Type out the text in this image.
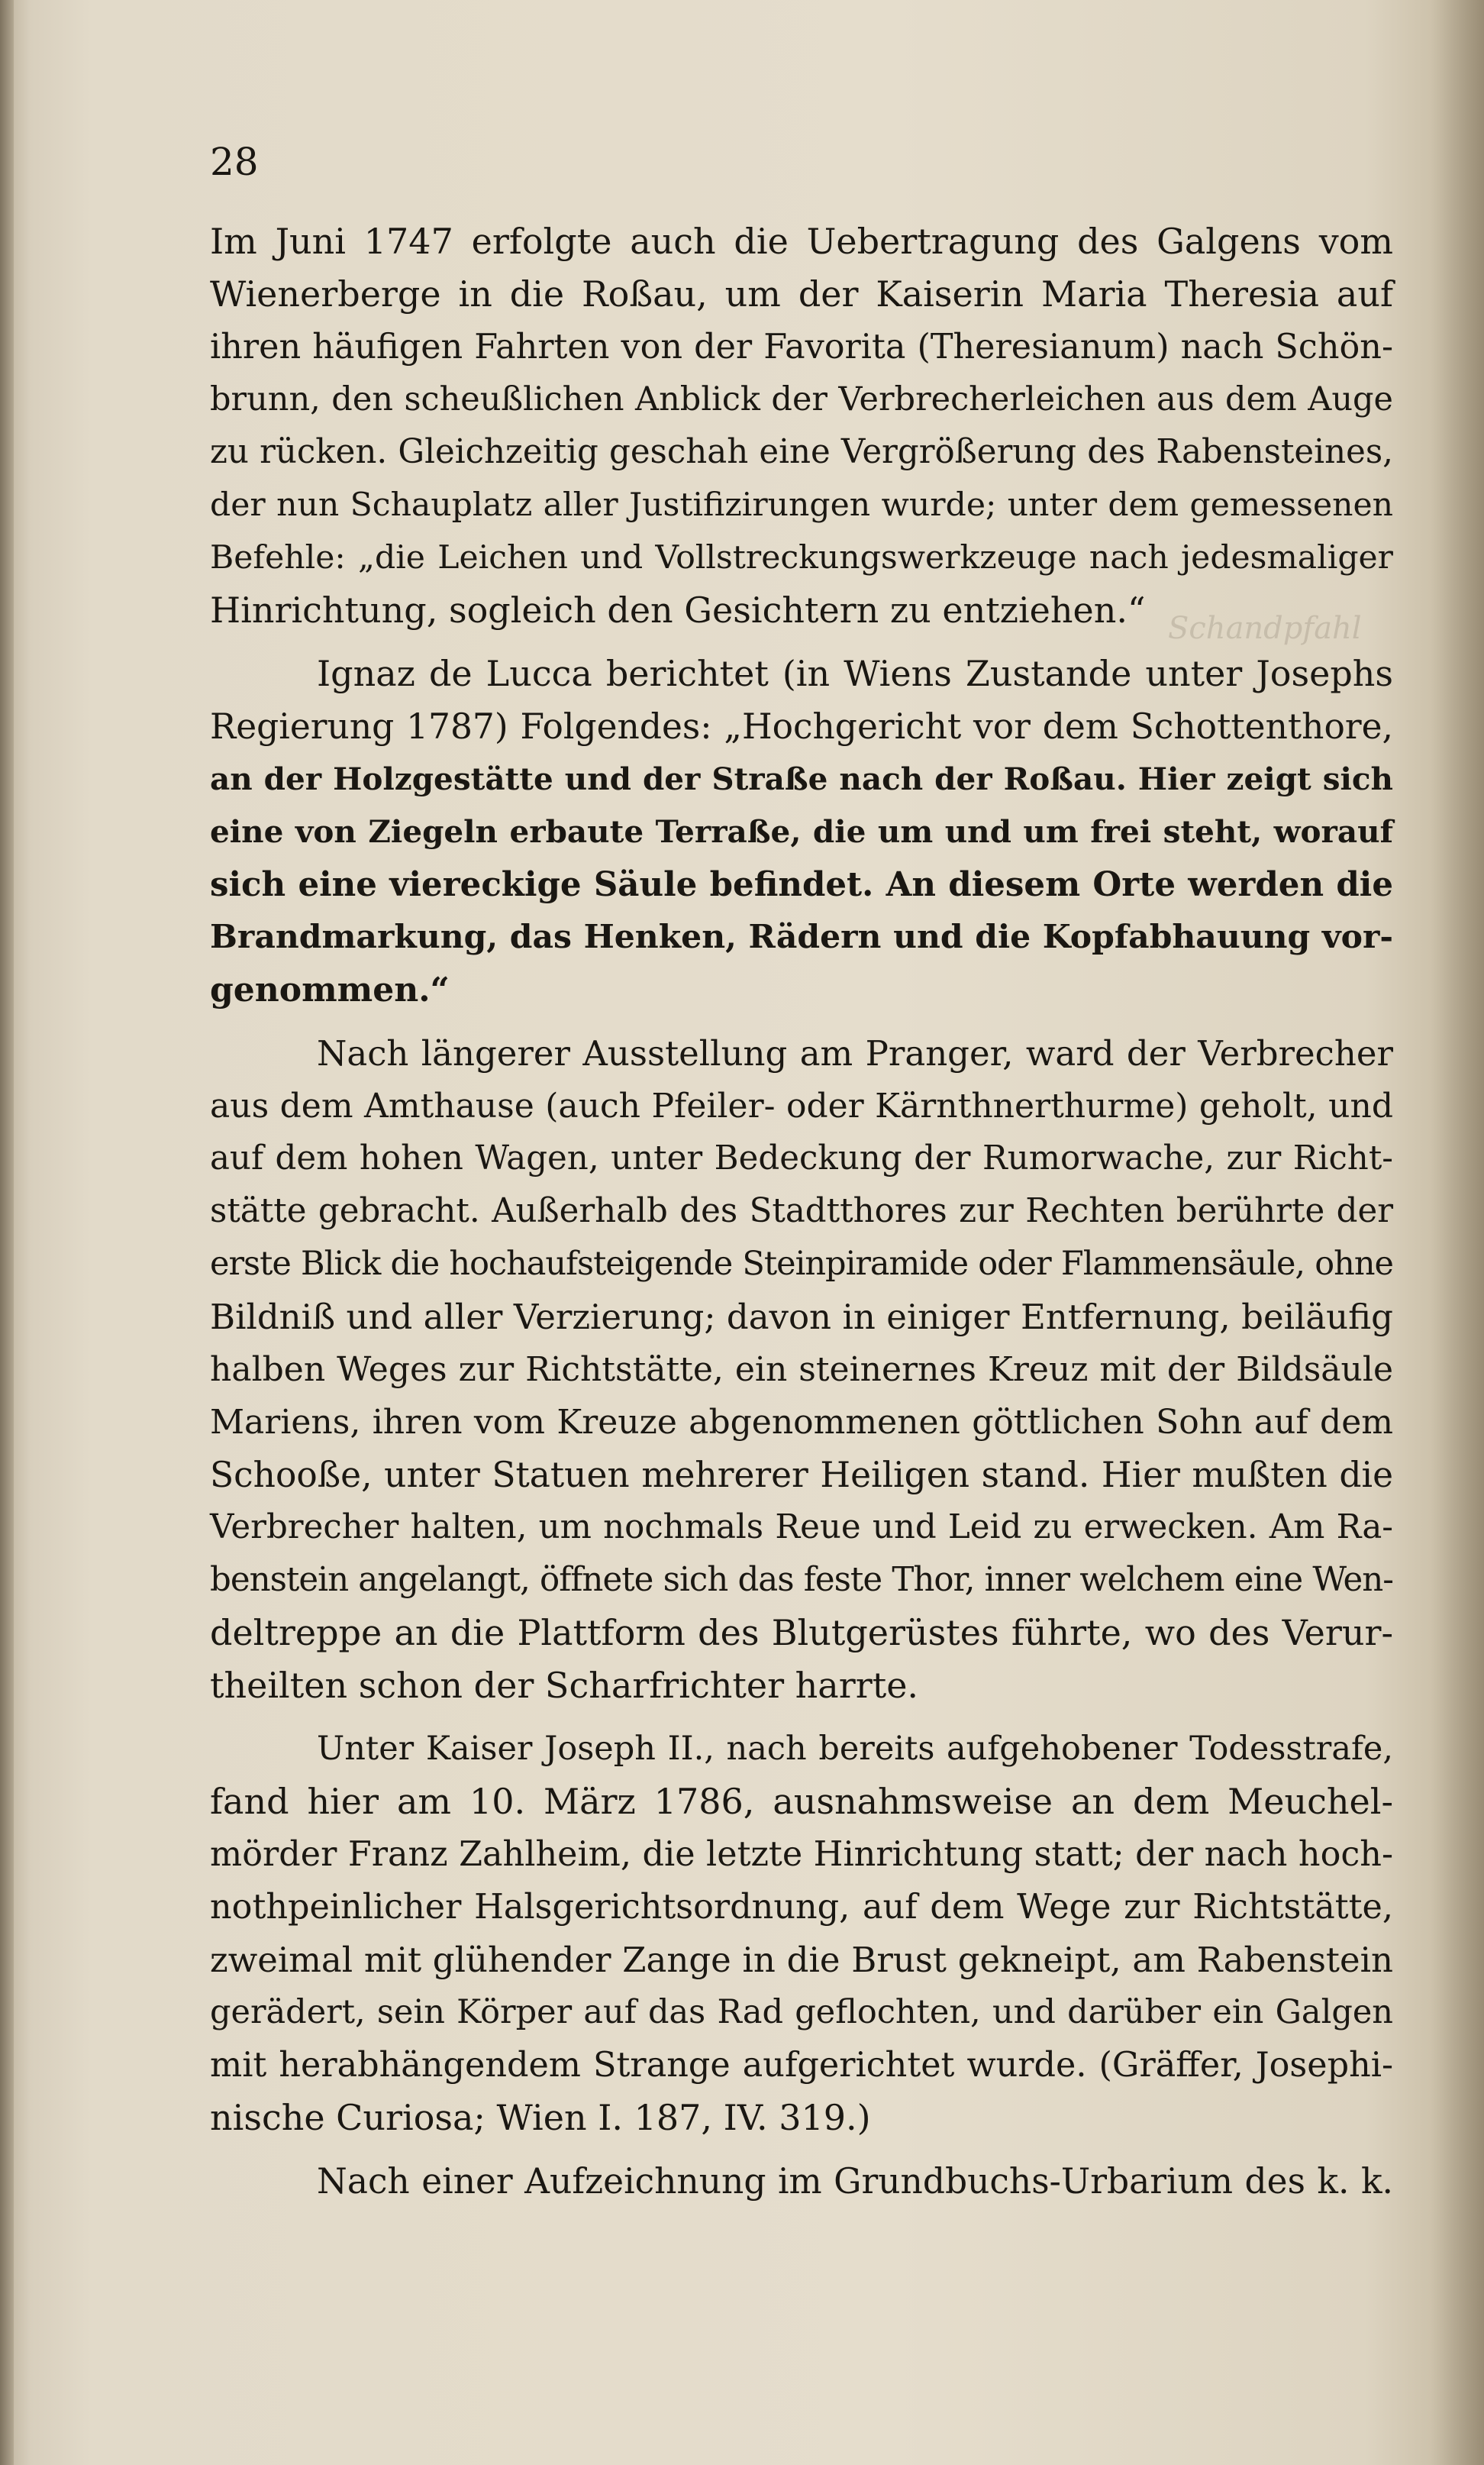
Schandpfahl
28
Im Juni 1747 erfolgte auch die Uebertragung des Galgens vom
Wienerberge in die Roßau, um der Kaiserin Maria Theresia auf
ihren häufigen Fahrten von der Favorita (Theresianum) nach Schön-
brunn, den scheußlichen Anblick der Verbrecherleichen aus dem Auge
zu rücken. Gleichzeitig geschah eine Vergrößerung des Rabensteines,
der nun Schauplatz aller Justifizirungen wurde; unter dem gemessenen
Befehle: „die Leichen und Vollstreckungswerkzeuge nach jedesmaliger
Hinrichtung, sogleich den Gesichtern zu entziehen.“
Ignaz de Lucca berichtet (in Wiens Zustande unter Josephs
Regierung 1787) Folgendes: „Hochgericht vor dem Schottenthore,
an der Holzgestätte und der Straße nach der Roßau. Hier zeigt sich
eine von Ziegeln erbaute Terraße, die um und um frei steht, worauf
sich eine viereckige Säule befindet. An diesem Orte werden die
Brandmarkung, das Henken, Rädern und die Kopfabhauung vor-
genommen.“
Nach längerer Ausstellung am Pranger, ward der Verbrecher
aus dem Amthause (auch Pfeiler- oder Kärnthnerthurme) geholt, und
auf dem hohen Wagen, unter Bedeckung der Rumorwache, zur Richt-
stätte gebracht. Außerhalb des Stadtthores zur Rechten berührte der
erste Blick die hochaufsteigende Steinpiramide oder Flammensäule, ohne
Bildniß und aller Verzierung; davon in einiger Entfernung, beiläufig
halben Weges zur Richtstätte, ein steinernes Kreuz mit der Bildsäule
Mariens, ihren vom Kreuze abgenommenen göttlichen Sohn auf dem
Schooße, unter Statuen mehrerer Heiligen stand. Hier mußten die
Verbrecher halten, um nochmals Reue und Leid zu erwecken. Am Ra-
benstein angelangt, öffnete sich das feste Thor, inner welchem eine Wen-
deltreppe an die Plattform des Blutgerüstes führte, wo des Verur-
theilten schon der Scharfrichter harrte.
Unter Kaiser Joseph II., nach bereits aufgehobener Todesstrafe,
fand hier am 10. März 1786, ausnahmsweise an dem Meuchel-
mörder Franz Zahlheim, die letzte Hinrichtung statt; der nach hoch-
nothpeinlicher Halsgerichtsordnung, auf dem Wege zur Richtstätte,
zweimal mit glühender Zange in die Brust gekneipt, am Rabenstein
gerädert, sein Körper auf das Rad geflochten, und darüber ein Galgen
mit herabhängendem Strange aufgerichtet wurde. (Gräffer, Josephi-
nische Curiosa; Wien I. 187, IV. 319.)
Nach einer Aufzeichnung im Grundbuchs-Urbarium des k. k.
